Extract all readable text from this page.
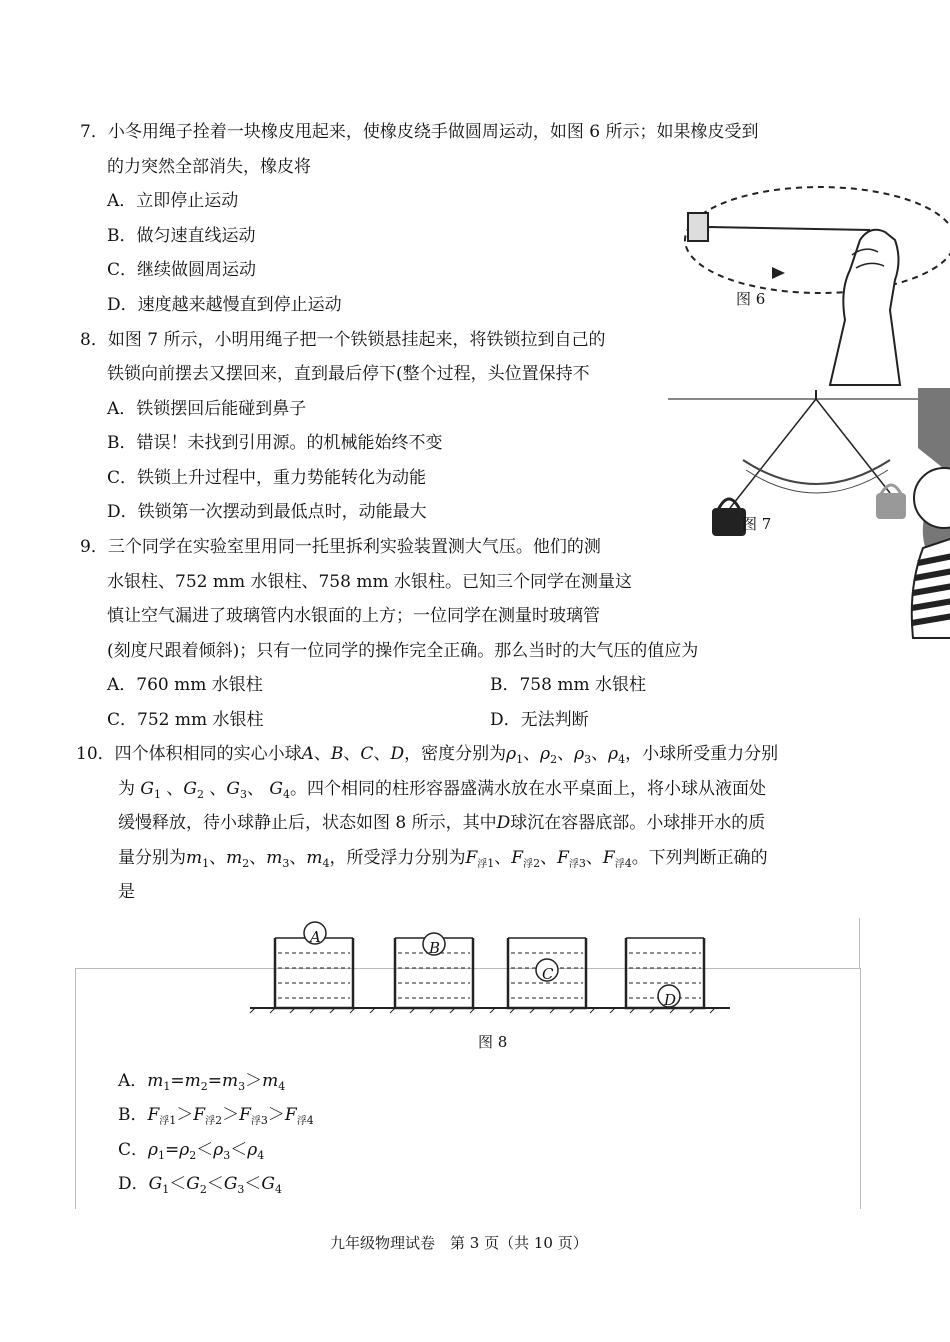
7．小冬用绳子拴着一块橡皮甩起来，使橡皮绕手做圆周运动，如图 6 所示；如果橡皮受到
的力突然全部消失，橡皮将
A．立即停止运动
B．做匀速直线运动
C．继续做圆周运动
D．速度越来越慢直到停止运动	图 6
8．如图 7 所示，小明用绳子把一个铁锁悬挂起来，将铁锁拉到自己的
铁锁向前摆去又摆回来，直到最后停下(整个过程，头位置保持不
A．铁锁摆回后能碰到鼻子
B．错误！未找到引用源。的机械能始终不变
C．铁锁上升过程中，重力势能转化为动能
D．铁锁第一次摆动到最低点时，动能最大
图 7
9．三个同学在实验室里用同一托里拆利实验装置测大气压。他们的测
水银柱、752 mm 水银柱、758 mm 水银柱。已知三个同学在测量这
慎让空气漏进了玻璃管内水银面的上方；一位同学在测量时玻璃管
(刻度尺跟着倾斜)；只有一位同学的操作完全正确。那么当时的大气压的值应为
A．760 mm 水银柱	B．758 mm 水银柱
C．752 mm 水银柱	D．无法判断
10．四个体积相同的实心小球A、B、C、D，密度分别为$\rho_1$、$\rho_2$、$\rho_3$、$\rho_4$，小球所受重力分别
为 $G_1$ 、$G_2$ 、$G_3$、 $G_4$。四个相同的柱形容器盛满水放在水平桌面上，将小球从液面处
缓慢释放，待小球静止后，状态如图 8 所示，其中D球沉在容器底部。小球排开水的质
量分别为$m_1$、$m_2$、$m_3$、$m_4$，所受浮力分别为$F_{浮1}$、$F_{浮2}$、$F_{浮3}$、$F_{浮4}$。下列判断正确的
是
A
B
C
D
图 8
A．$m_1=m_2=m_3>m_4$
B．$F_{浮1}>F_{浮2}>F_{浮3}>F_{浮4}$
C．$\rho_1=\rho_2<\rho_3<\rho_4$
D．$G_1<G_2<G_3<G_4$
九年级物理试卷　第 3 页（共 10 页）
